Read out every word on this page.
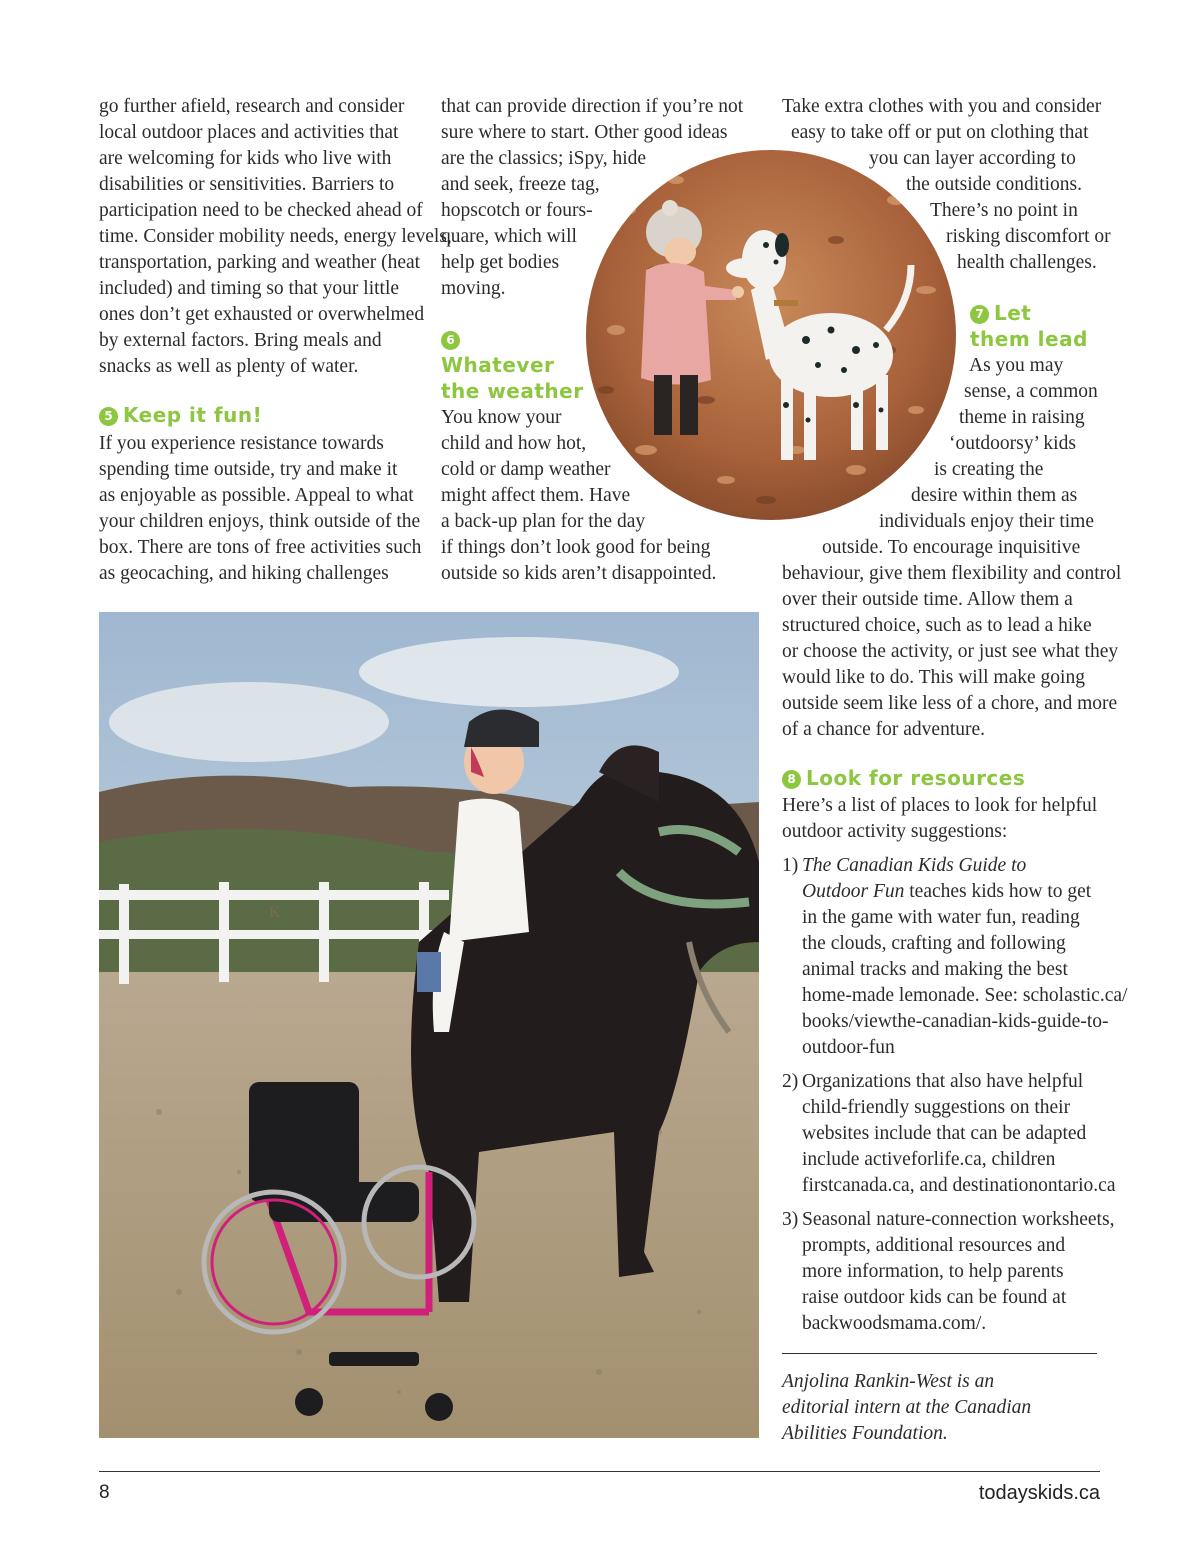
K
go further afield, research and consider
local outdoor places and activities that
are welcoming for kids who live with
disabilities or sensitivities. Barriers to
participation need to be checked ahead of
time. Consider mobility needs, energy levels,
transportation, parking and weather (heat
included) and timing so that your little
ones don’t get exhausted or overwhelmed
by external factors. Bring meals and
snacks as well as plenty of water.
5 Keep it fun!
If you experience resistance towards
spending time outside, try and make it
as enjoyable as possible. Appeal to what
your children enjoys, think outside of the
box. There are tons of free activities such
as geocaching, and hiking challenges
that can provide direction if you’re not
sure where to start. Other good ideas
are the classics; iSpy, hide
and seek, freeze tag,
hopscotch or fours-
quare, which will
help get bodies
moving.
6
Whatever
the weather
You know your
child and how hot,
cold or damp weather
might affect them. Have
a back-up plan for the day
if things don’t look good for being
outside so kids aren’t disappointed.
Take extra clothes with you and consider
easy to take off or put on clothing that
you can layer according to
the outside conditions.
There’s no point in
risking discomfort or
health challenges.
7 Let
them lead
As you may
sense, a common
theme in raising
‘outdoorsy’ kids
is creating the
desire within them as
individuals enjoy their time
outside. To encourage inquisitive
behaviour, give them flexibility and control
over their outside time. Allow them a
structured choice, such as to lead a hike
or choose the activity, or just see what they
would like to do. This will make going
outside seem like less of a chore, and more
of a chance for adventure.
8 Look for resources
Here’s a list of places to look for helpful
outdoor activity suggestions:
1) The Canadian Kids Guide to
Outdoor Fun teaches kids how to get
in the game with water fun, reading
the clouds, crafting and following
animal tracks and making the best
home-made lemonade. See: scholastic.ca/
books/viewthe-canadian-kids-guide-to-
outdoor-fun
2) Organizations that also have helpful
child-friendly suggestions on their
websites include that can be adapted
include activeforlife.ca, children
firstcanada.ca, and destinationontario.ca
3) Seasonal nature-connection worksheets,
prompts, additional resources and
more information, to help parents
raise outdoor kids can be found at
backwoodsmama.com/.
Anjolina Rankin-West is an
editorial intern at the Canadian
Abilities Foundation.
8	todayskids.ca
